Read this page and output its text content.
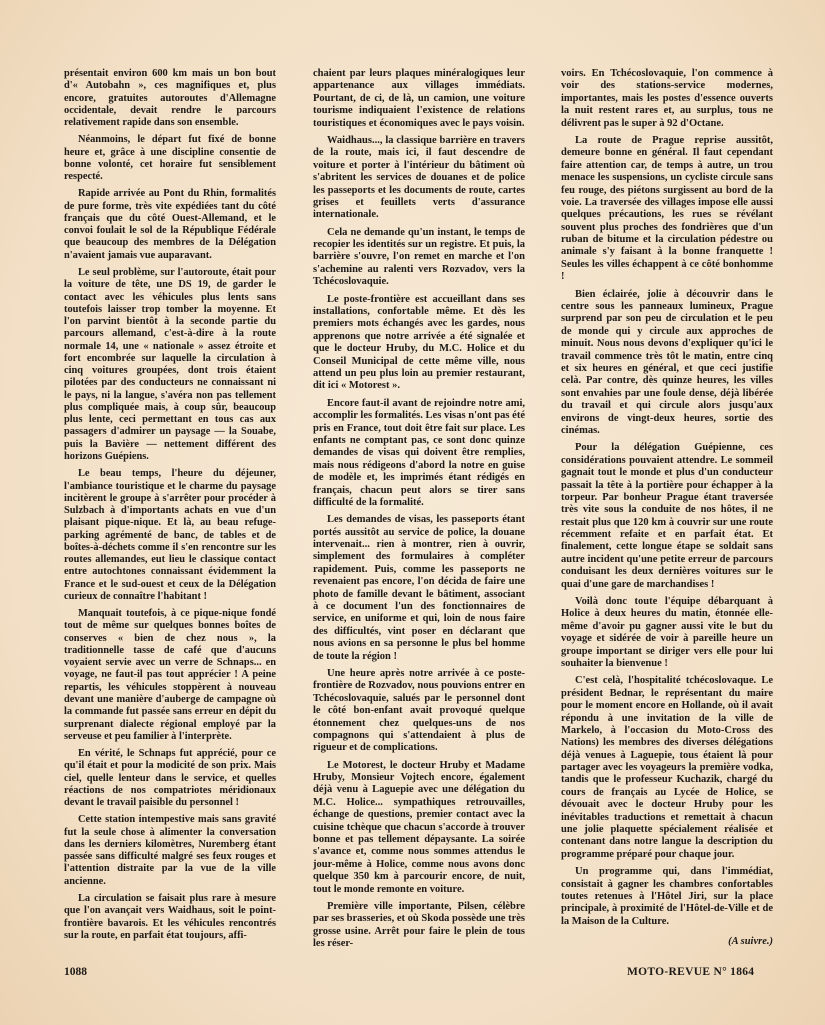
présentait environ 600 km mais un bon bout d'« Autobahn », ces magnifiques et, plus encore, gratuites autoroutes d'Allemagne occidentale, devait rendre le parcours relativement rapide dans son ensemble.

Néanmoins, le départ fut fixé de bonne heure et, grâce à une discipline consentie de bonne volonté, cet horaire fut sensiblement respecté.

Rapide arrivée au Pont du Rhin, formalités de pure forme, très vite expédiées tant du côté français que du côté Ouest-Allemand, et le convoi foulait le sol de la République Fédérale que beaucoup des membres de la Délégation n'avaient jamais vue auparavant.

Le seul problème, sur l'autoroute, était pour la voiture de tête, une DS 19, de garder le contact avec les véhicules plus lents sans toutefois laisser trop tomber la moyenne. Et l'on parvint bientôt à la seconde partie du parcours allemand, c'est-à-dire à la route normale 14, une « nationale » assez étroite et fort encombrée sur laquelle la circulation à cinq voitures groupées, dont trois étaient pilotées par des conducteurs ne connaissant ni le pays, ni la langue, s'avéra non pas tellement plus compliquée mais, à coup sûr, beaucoup plus lente, ceci permettant en tous cas aux passagers d'admirer un paysage — la Souabe, puis la Bavière — nettement différent des horizons Guépiens.

Le beau temps, l'heure du déjeuner, l'ambiance touristique et le charme du paysage incitèrent le groupe à s'arrêter pour procéder à Sulzbach à d'importants achats en vue d'un plaisant pique-nique. Et là, au beau refuge-parking agrémenté de banc, de tables et de boîtes-à-déchets comme il s'en rencontre sur les routes allemandes, eut lieu le classique contact entre autochtones connaissant évidemment la France et le sud-ouest et ceux de la Délégation curieux de connaître l'habitant !

Manquait toutefois, à ce pique-nique fondé tout de même sur quelques bonnes boîtes de conserves « bien de chez nous », la traditionnelle tasse de café que d'aucuns voyaient servie avec un verre de Schnaps... en voyage, ne faut-il pas tout apprécier ! A peine repartis, les véhicules stoppèrent à nouveau devant une manière d'auberge de campagne où la commande fut passée sans erreur en dépit du surprenant dialecte régional employé par la serveuse et peu familier à l'interprète.

En vérité, le Schnaps fut apprécié, pour ce qu'il était et pour la modicité de son prix. Mais ciel, quelle lenteur dans le service, et quelles réactions de nos compatriotes méridionaux devant le travail paisible du personnel !

Cette station intempestive mais sans gravité fut la seule chose à alimenter la conversation dans les derniers kilomètres, Nuremberg étant passée sans difficulté malgré ses feux rouges et l'attention distraite par la vue de la ville ancienne.

La circulation se faisait plus rare à mesure que l'on avançait vers Waidhaus, soit le point-frontière bavarois. Et les véhicules rencontrés sur la route, en parfait état toujours, affi-

chaient par leurs plaques minéralogiques leur appartenance aux villages immédiats. Pourtant, de ci, de là, un camion, une voiture tourisme indiquaient l'existence de relations touristiques et économiques avec le pays voisin.

Waidhaus..., la classique barrière en travers de la route, mais ici, il faut descendre de voiture et porter à l'intérieur du bâtiment où s'abritent les services de douanes et de police les passeports et les documents de route, cartes grises et feuillets verts d'assurance internationale.

Cela ne demande qu'un instant, le temps de recopier les identités sur un registre. Et puis, la barrière s'ouvre, l'on remet en marche et l'on s'achemine au ralenti vers Rozvadov, vers la Tchécoslovaquie.

Le poste-frontière est accueillant dans ses installations, confortable même. Et dès les premiers mots échangés avec les gardes, nous apprenons que notre arrivée a été signalée et que le docteur Hruby, du M.C. Holice et du Conseil Municipal de cette même ville, nous attend un peu plus loin au premier restaurant, dit ici « Motorest ».

Encore faut-il avant de rejoindre notre ami, accomplir les formalités. Les visas n'ont pas été pris en France, tout doit être fait sur place. Les enfants ne comptant pas, ce sont donc quinze demandes de visas qui doivent être remplies, mais nous rédigeons d'abord la notre en guise de modèle et, les imprimés étant rédigés en français, chacun peut alors se tirer sans difficulté de la formalité.

Les demandes de visas, les passeports étant portés aussitôt au service de police, la douane intervenait... rien à montrer, rien à ouvrir, simplement des formulaires à compléter rapidement. Puis, comme les passeports ne revenaient pas encore, l'on décida de faire une photo de famille devant le bâtiment, associant à ce document l'un des fonctionnaires de service, en uniforme et qui, loin de nous faire des difficultés, vint poser en déclarant que nous avions en sa personne le plus bel homme de toute la région !

Une heure après notre arrivée à ce poste-frontière de Rozvadov, nous pouvions entrer en Tchécoslovaquie, salués par le personnel dont le côté bon-enfant avait provoqué quelque étonnement chez quelques-uns de nos compagnons qui s'attendaient à plus de rigueur et de complications.

Le Motorest, le docteur Hruby et Madame Hruby, Monsieur Vojtech encore, également déjà venu à Laguepie avec une délégation du M.C. Holice... sympathiques retrouvailles, échange de questions, premier contact avec la cuisine tchèque que chacun s'accorde à trouver bonne et pas tellement dépaysante. La soirée s'avance et, comme nous sommes attendus le jour-même à Holice, comme nous avons donc quelque 350 km à parcourir encore, de nuit, tout le monde remonte en voiture.

Première ville importante, Pilsen, célèbre par ses brasseries, et où Skoda possède une très grosse usine. Arrêt pour faire le plein de tous les réser-

voirs. En Tchécoslovaquie, l'on commence à voir des stations-service modernes, importantes, mais les postes d'essence ouverts la nuit restent rares et, au surplus, tous ne délivrent pas le super à 92 d'Octane.

La route de Prague reprise aussitôt, demeure bonne en général. Il faut cependant faire attention car, de temps à autre, un trou menace les suspensions, un cycliste circule sans feu rouge, des piétons surgissent au bord de la voie. La traversée des villages impose elle aussi quelques précautions, les rues se révélant souvent plus proches des fondrières que d'un ruban de bitume et la circulation pédestre ou animale s'y faisant à la bonne franquette ! Seules les villes échappent à ce côté bonhomme !

Bien éclairée, jolie à découvrir dans le centre sous les panneaux lumineux, Prague surprend par son peu de circulation et le peu de monde qui y circule aux approches de minuit. Nous nous devons d'expliquer qu'ici le travail commence très tôt le matin, entre cinq et six heures en général, et que ceci justifie celà. Par contre, dès quinze heures, les villes sont envahies par une foule dense, déjà libérée du travail et qui circule alors jusqu'aux environs de vingt-deux heures, sortie des cinémas.

Pour la délégation Guépienne, ces considérations pouvaient attendre. Le sommeil gagnait tout le monde et plus d'un conducteur passait la tête à la portière pour échapper à la torpeur. Par bonheur Prague étant traversée très vite sous la conduite de nos hôtes, il ne restait plus que 120 km à couvrir sur une route récemment refaite et en parfait état. Et finalement, cette longue étape se soldait sans autre incident qu'une petite erreur de parcours conduisant les deux dernières voitures sur le quai d'une gare de marchandises !

Voilà donc toute l'équipe débarquant à Holice à deux heures du matin, étonnée elle-même d'avoir pu gagner aussi vite le but du voyage et sidérée de voir à pareille heure un groupe important se diriger vers elle pour lui souhaiter la bienvenue !

C'est celà, l'hospitalité tchécoslovaque. Le président Bednar, le représentant du maire pour le moment encore en Hollande, où il avait répondu à une invitation de la ville de Markelo, à l'occasion du Moto-Cross des Nations) les membres des diverses délégations déjà venues à Laguepie, tous étaient là pour partager avec les voyageurs la première vodka, tandis que le professeur Kuchazik, chargé du cours de français au Lycée de Holice, se dévouait avec le docteur Hruby pour les inévitables traductions et remettait à chacun une jolie plaquette spécialement réalisée et contenant dans notre langue la description du programme préparé pour chaque jour.

Un programme qui, dans l'immédiat, consistait à gagner les chambres confortables toutes retenues à l'Hôtel Jiri, sur la place principale, à proximité de l'Hôtel-de-Ville et de la Maison de la Culture.

(A suivre.)

1088	MOTO-REVUE N° 1864
